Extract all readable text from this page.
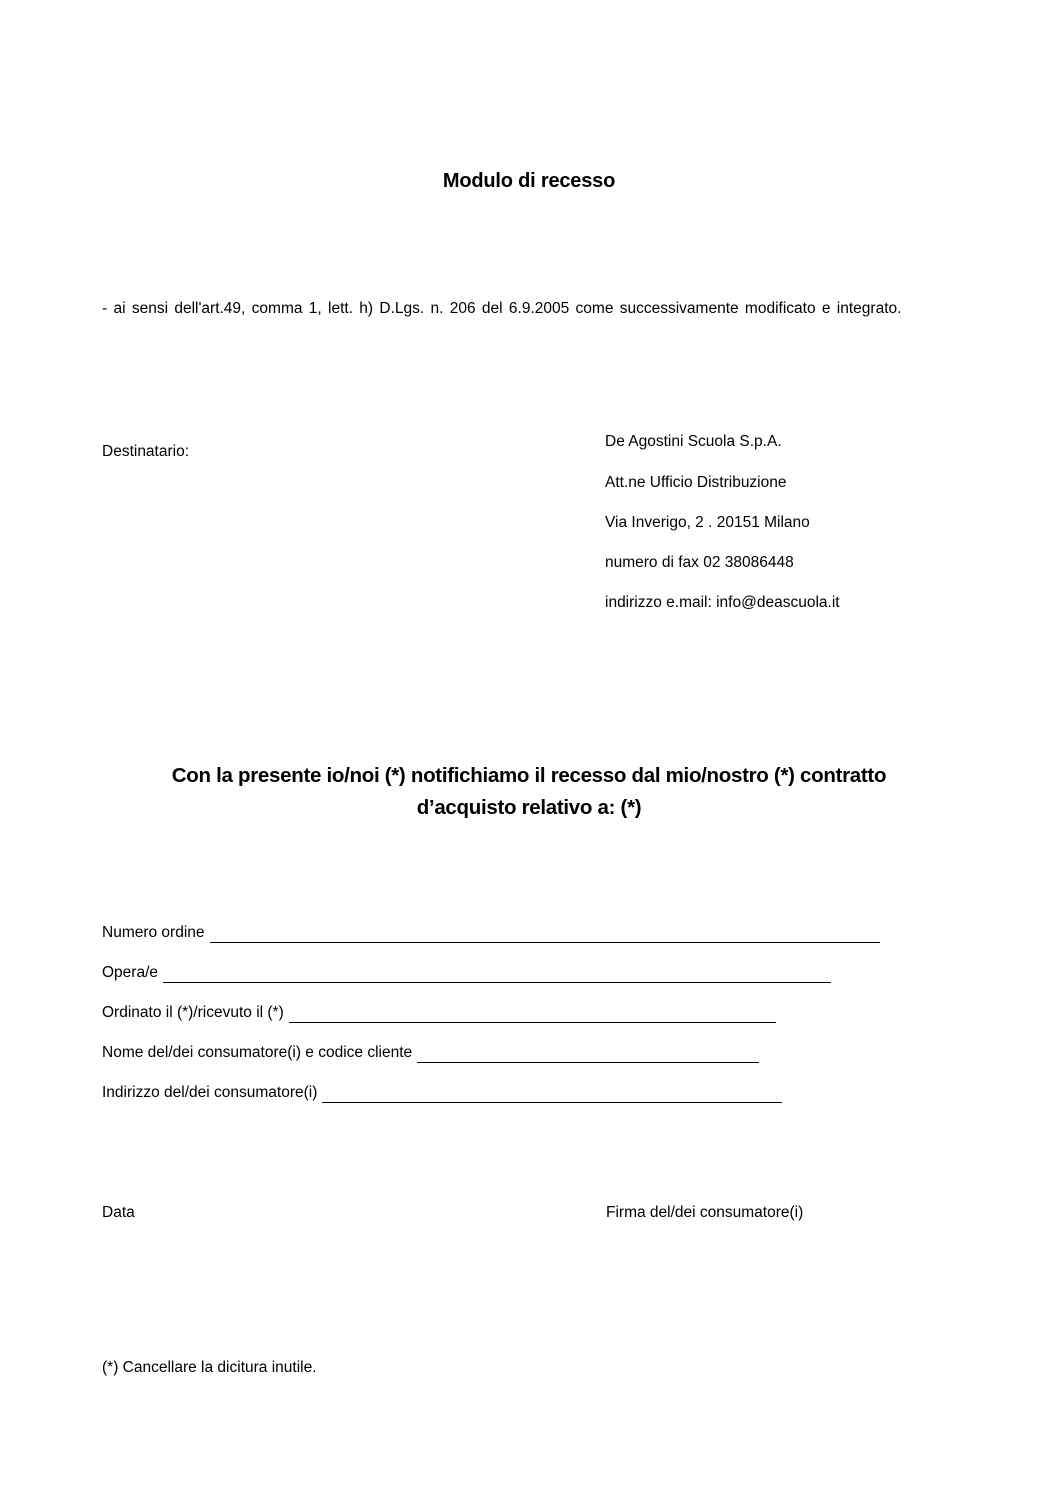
Modulo di recesso
- ai sensi dell'art.49, comma 1, lett. h) D.Lgs. n. 206 del 6.9.2005 come successivamente modificato e integrato.
Destinatario:
De Agostini Scuola S.p.A.
Att.ne Ufficio Distribuzione
Via Inverigo, 2 . 20151 Milano
numero di fax 02 38086448
indirizzo e.mail: info@deascuola.it
Con la presente io/noi (*) notifichiamo il recesso dal mio/nostro (*) contratto
d’acquisto relativo a: (*)
Numero ordine
Opera/e
Ordinato il (*)/ricevuto il (*)
Nome del/dei consumatore(i) e codice cliente
Indirizzo del/dei consumatore(i)
Data	Firma del/dei consumatore(i)
(*) Cancellare la dicitura inutile.
